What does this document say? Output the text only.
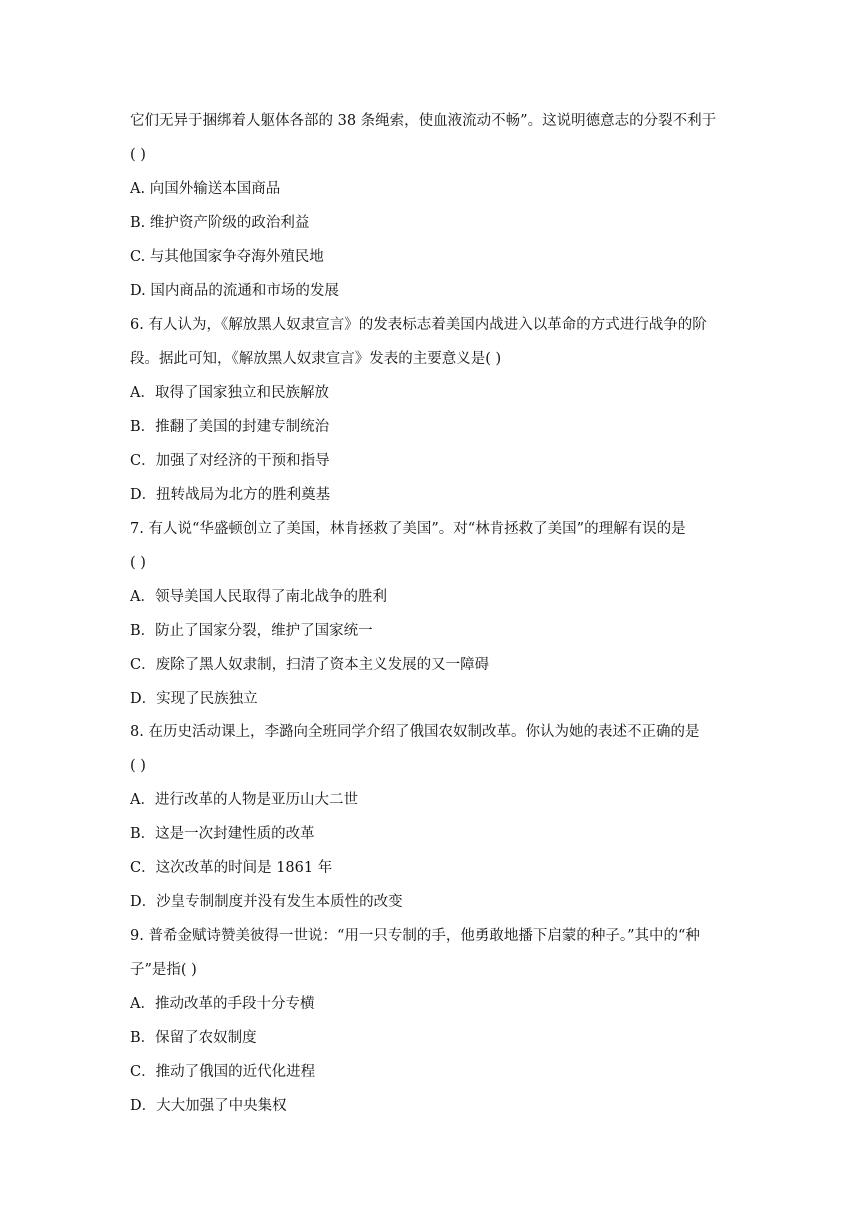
它们无异于捆绑着人躯体各部的 38 条绳索，使血液流动不畅”。这说明德意志的分裂不利于
( )
A. 向国外输送本国商品
B. 维护资产阶级的政治利益
C. 与其他国家争夺海外殖民地
D. 国内商品的流通和市场的发展
6. 有人认为，《解放黑人奴隶宣言》的发表标志着美国内战进入以革命的方式进行战争的阶
段。据此可知，《解放黑人奴隶宣言》发表的主要意义是( )
A．取得了国家独立和民族解放
B．推翻了美国的封建专制统治
C．加强了对经济的干预和指导
D．扭转战局为北方的胜利奠基
7. 有人说“华盛顿创立了美国，林肯拯救了美国”。对“林肯拯救了美国”的理解有误的是
( )
A．领导美国人民取得了南北战争的胜利
B．防止了国家分裂，维护了国家统一
C．废除了黑人奴隶制，扫清了资本主义发展的又一障碍
D．实现了民族独立
8. 在历史活动课上，李潞向全班同学介绍了俄国农奴制改革。你认为她的表述不正确的是
( )
A．进行改革的人物是亚历山大二世
B．这是一次封建性质的改革
C．这次改革的时间是 1861 年
D．沙皇专制制度并没有发生本质性的改变
9. 普希金赋诗赞美彼得一世说：“用一只专制的手，他勇敢地播下启蒙的种子。”其中的“种
子”是指( )
A．推动改革的手段十分专横
B．保留了农奴制度
C．推动了俄国的近代化进程
D．大大加强了中央集权
